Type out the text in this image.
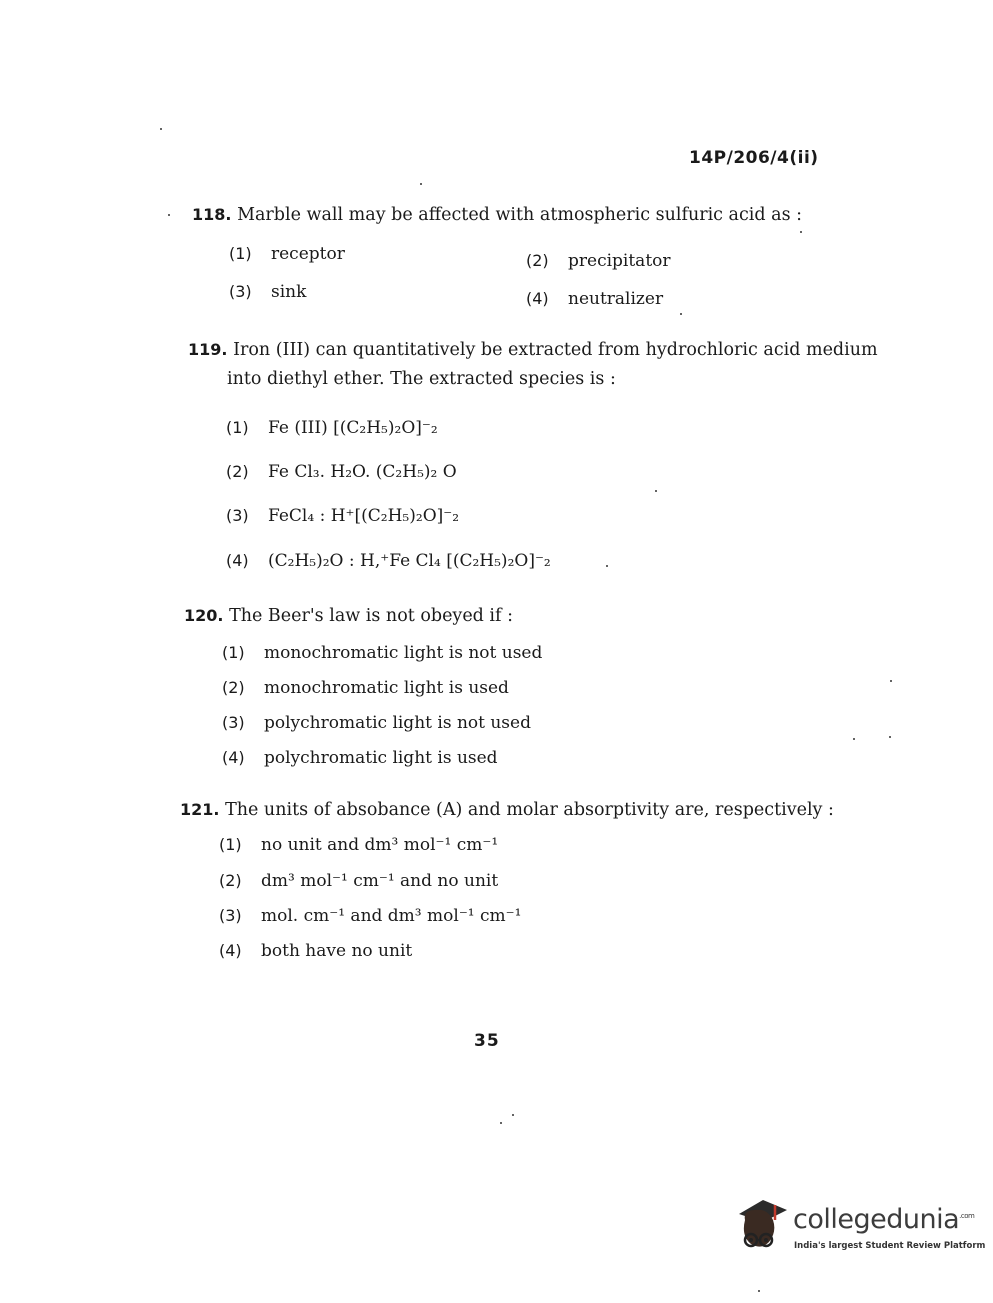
14P/206/4(ii)
118. Marble wall may be affected with atmospheric sulfuric acid as :
(1) receptor	(2) precipitator
(3) sink	(4) neutralizer
119. Iron (III) can quantitatively be extracted from hydrochloric acid medium
into diethyl ether. The extracted species is :
(1) Fe (III) [(C₂H₅)₂O]⁻₂
(2) Fe Cl₃. H₂O. (C₂H₅)₂ O
(3) FeCl₄ : H⁺[(C₂H₅)₂O]⁻₂
(4) (C₂H₅)₂O : H,⁺Fe Cl₄ [(C₂H₅)₂O]⁻₂
120. The Beer's law is not obeyed if :
(1) monochromatic light is not used
(2) monochromatic light is used
(3) polychromatic light is not used
(4) polychromatic light is used
121. The units of absobance (A) and molar absorptivity are, respectively :
(1) no unit and dm³ mol⁻¹ cm⁻¹
(2) dm³ mol⁻¹ cm⁻¹ and no unit
(3) mol. cm⁻¹ and dm³ mol⁻¹ cm⁻¹
(4) both have no unit
35
collegedunia$^{.com}$
India's largest Student Review Platform
